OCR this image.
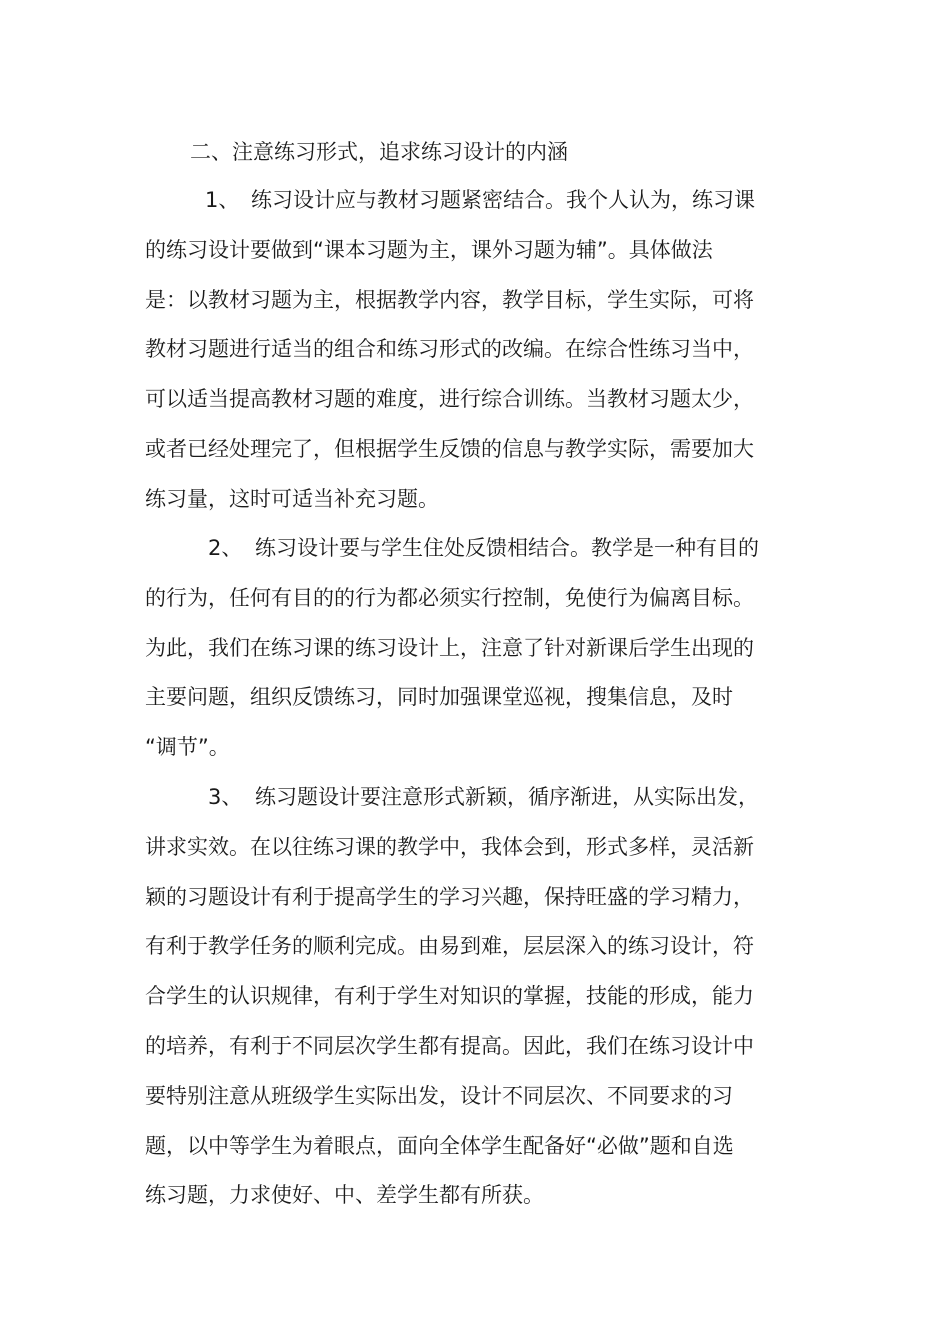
二、注意练习形式，追求练习设计的内涵
1、 练习设计应与教材习题紧密结合。我个人认为，练习课
的练习设计要做到“课本习题为主，课外习题为辅”。具体做法
是：以教材习题为主，根据教学内容，教学目标，学生实际，可将
教材习题进行适当的组合和练习形式的改编。在综合性练习当中，
可以适当提高教材习题的难度，进行综合训练。当教材习题太少，
或者已经处理完了，但根据学生反馈的信息与教学实际，需要加大
练习量，这时可适当补充习题。
2、 练习设计要与学生住处反馈相结合。教学是一种有目的
的行为，任何有目的的行为都必须实行控制，免使行为偏离目标。
为此，我们在练习课的练习设计上，注意了针对新课后学生出现的
主要问题，组织反馈练习，同时加强课堂巡视，搜集信息，及时
“调节”。
3、 练习题设计要注意形式新颖，循序渐进，从实际出发，
讲求实效。在以往练习课的教学中，我体会到，形式多样，灵活新
颖的习题设计有利于提高学生的学习兴趣，保持旺盛的学习精力，
有利于教学任务的顺利完成。由易到难，层层深入的练习设计，符
合学生的认识规律，有利于学生对知识的掌握，技能的形成，能力
的培养，有利于不同层次学生都有提高。因此，我们在练习设计中
要特别注意从班级学生实际出发，设计不同层次、不同要求的习
题，以中等学生为着眼点，面向全体学生配备好“必做”题和自选
练习题，力求使好、中、差学生都有所获。
